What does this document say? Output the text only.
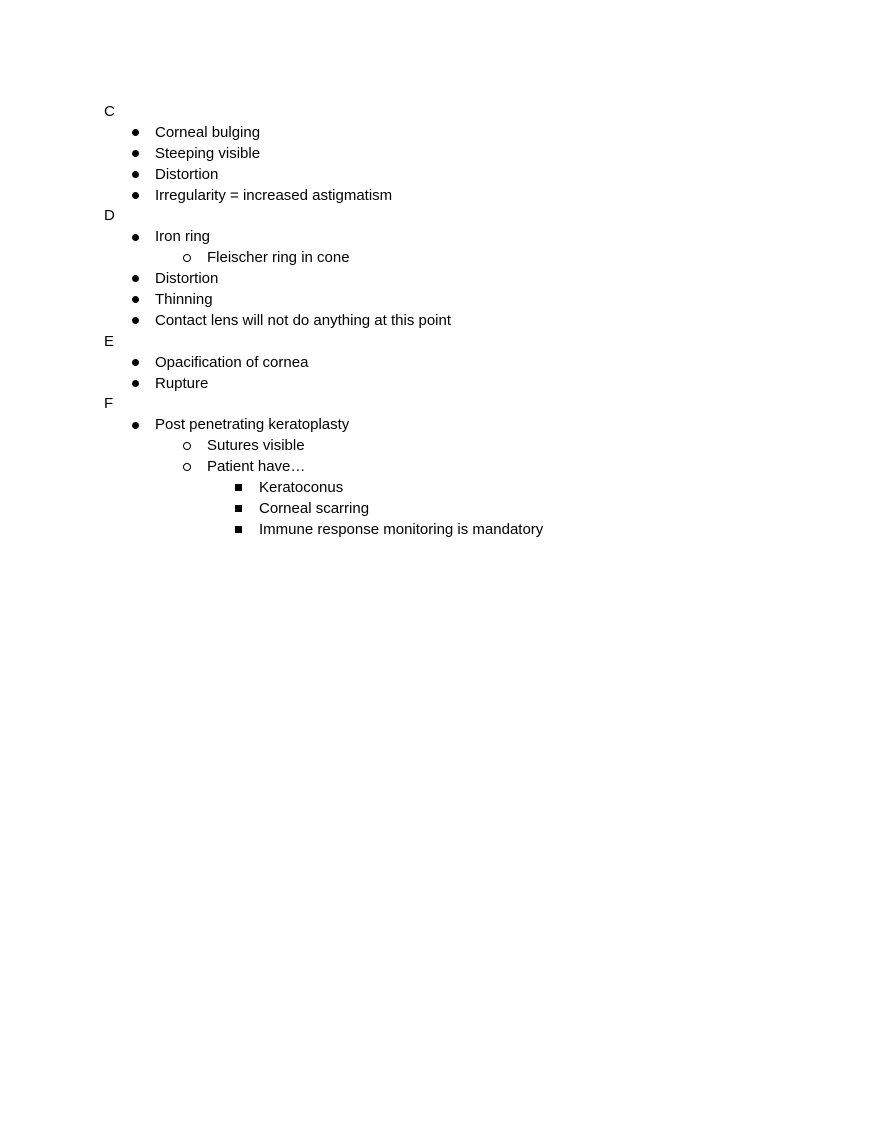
C
Corneal bulging
Steeping visible
Distortion
Irregularity = increased astigmatism
D
Iron ring
Fleischer ring in cone
Distortion
Thinning
Contact lens will not do anything at this point
E
Opacification of cornea
Rupture
F
Post penetrating keratoplasty
Sutures visible
Patient have…
Keratoconus
Corneal scarring
Immune response monitoring is mandatory
